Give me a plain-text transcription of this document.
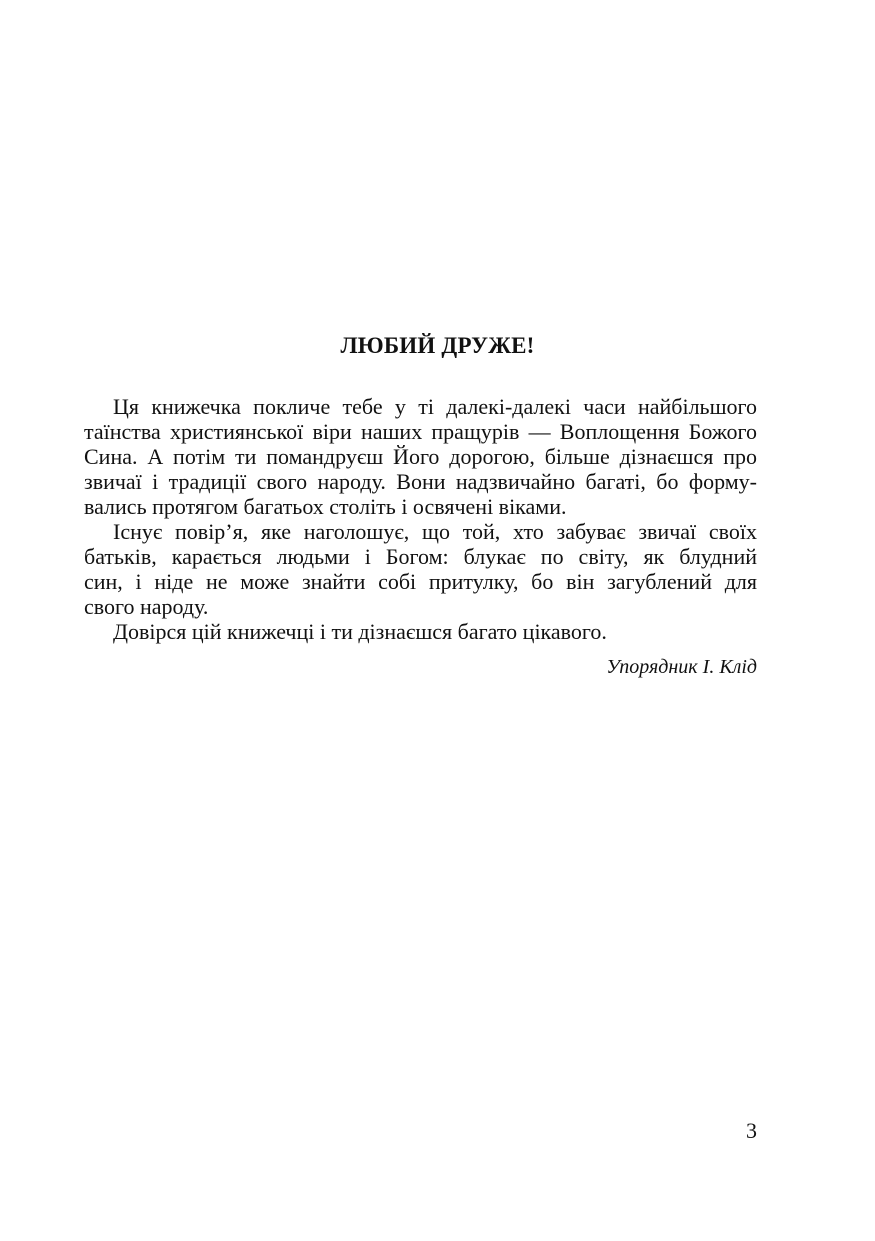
ЛЮБИЙ ДРУЖЕ!
Ця книжечка покличе тебе у ті далекі-далекі часи найбільшого
таїнства християнської віри наших пращурів — Воплощення Божого
Сина. А потім ти помандруєш Його дорогою, більше дізнаєшся про
звичаї і традиції свого народу. Вони надзвичайно багаті, бо форму-
вались протягом багатьох століть і освячені віками.
Існує повір’я, яке наголошує, що той, хто забуває звичаї своїх
батьків, карається людьми і Богом: блукає по світу, як блудний
син, і ніде не може знайти собі притулку, бо він загублений для
свого народу.
Довірся цій книжечці і ти дізнаєшся багато цікавого.

Упорядник І. Клід

3
